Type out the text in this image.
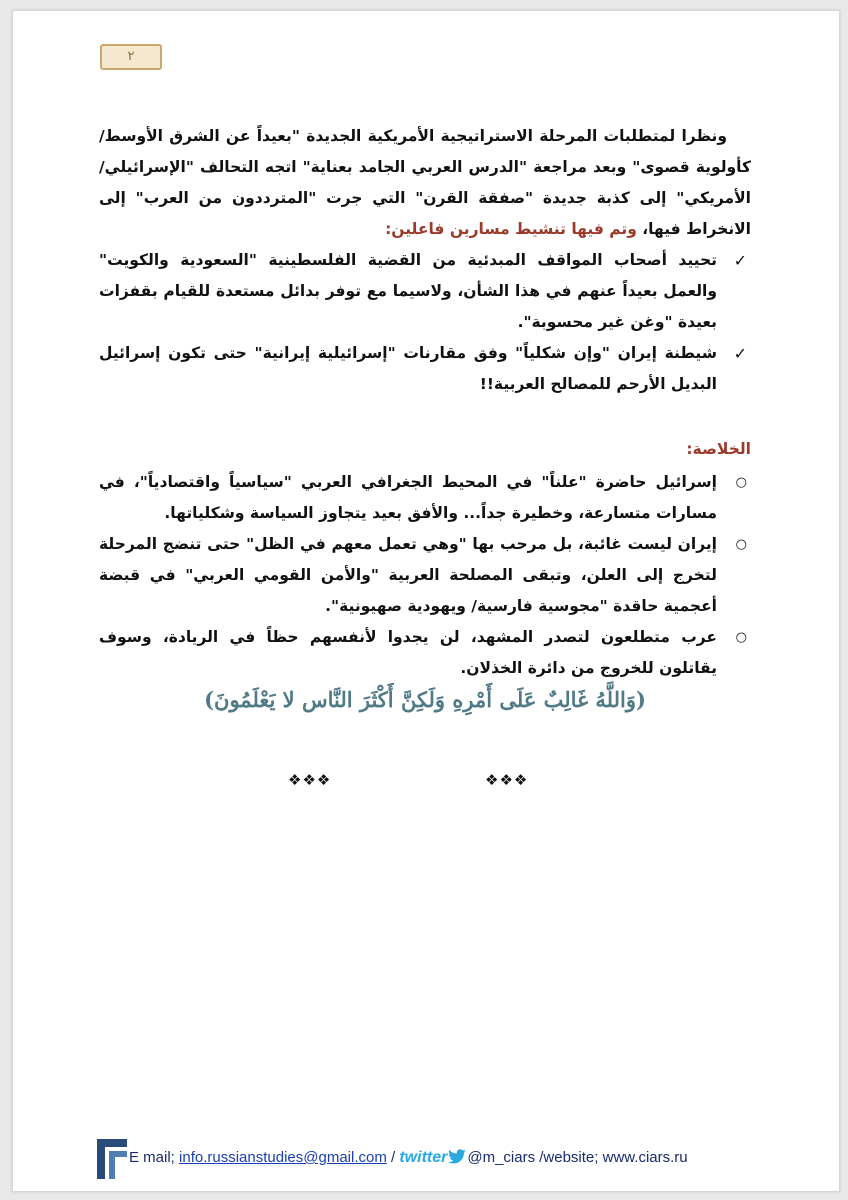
٢

ونظرا لمتطلبات المرحلة الاستراتيجية الأمريكية الجديدة "بعيداً عن الشرق الأوسط/كأولوية قصوى" وبعد مراجعة "الدرس العربي الجامد بعناية" اتجه التحالف "الإسرائيلي/الأمريكي" إلى كذبة جديدة "صفقة القرن" التي جرت "المترددون من العرب" إلى الانخراط فيها، وتم فيها تنشيط مسارين فاعلين:

✓
تحييد أصحاب المواقف المبدئية من القضية الفلسطينية "السعودية والكويت" والعمل بعيداً عنهم في هذا الشأن، ولاسيما مع توفر بدائل مستعدة للقيام بقفزات بعيدة "وغن غير محسوبة".
✓
شيطنة إيران "وإن شكلياً" وفق مقارنات "إسرائيلية إيرانية" حتى تكون إسرائيل البديل الأرحم للمصالح العربية!!
الخلاصة:
○
إسرائيل حاضرة "علناً" في المحيط الجغرافي العربي "سياسياً واقتصادياً"، في مسارات متسارعة، وخطيرة جداً... والأفق بعيد يتجاوز السياسة وشكلياتها.
○
إيران ليست غائبة، بل مرحب بها "وهي تعمل معهم في الظل" حتى تنضج المرحلة لتخرج إلى العلن، وتبقى المصلحة العربية "والأمن القومي العربي" في قبضة أعجمية حاقدة "مجوسية فارسية/ ويهودية صهيونية".
○
عرب متطلعون لتصدر المشهد، لن يجدوا لأنفسهم حظاً في الريادة، وسوف يقاتلون للخروج من دائرة الخذلان.
(وَاللَّهُ غَالِبٌ عَلَى أَمْرِهِ وَلَكِنَّ أَكْثَرَ النَّاس لا يَعْلَمُونَ)
❖❖❖	❖❖❖
E mail; info.russianstudies@gmail.com / twitter @m_ciars /website; www.ciars.ru
